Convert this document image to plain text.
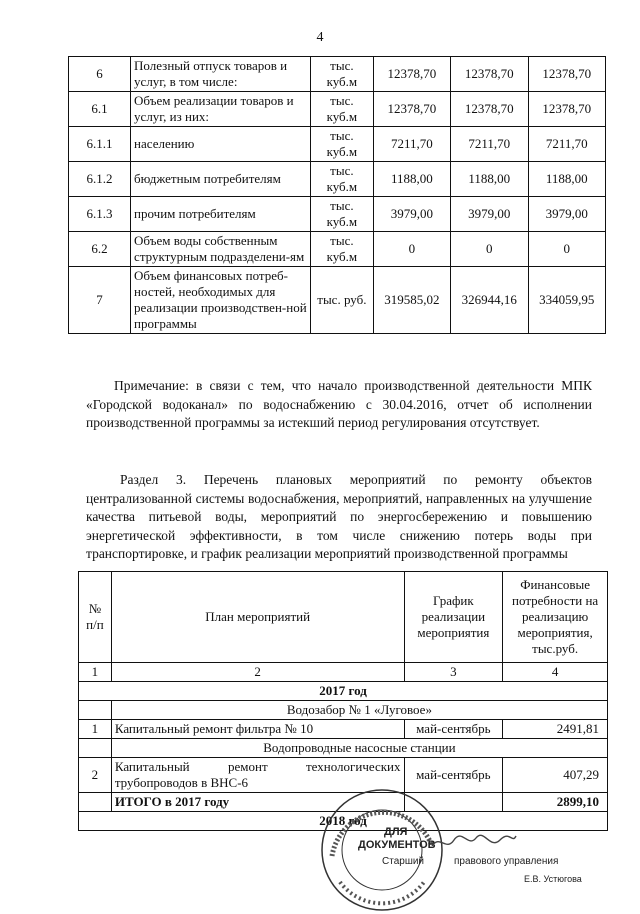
4
6	Полезный отпуск товаров и услуг, в том числе:	тыс. куб.м	12378,70	12378,70	12378,70
6.1	Объем реализации товаров и услуг, из них:	тыс. куб.м	12378,70	12378,70	12378,70
6.1.1	населению	тыс. куб.м	7211,70	7211,70	7211,70
6.1.2	бюджетным потребителям	тыс. куб.м	1188,00	1188,00	1188,00
6.1.3	прочим потребителям	тыс. куб.м	3979,00	3979,00	3979,00
6.2	Объем воды собственным структурным подразделени-ям	тыс. куб.м	0	0	0
7	Объем финансовых потреб-ностей, необходимых для реализации производствен-ной программы	тыс. руб.	319585,02	326944,16	334059,95
Примечание: в связи с тем, что начало производственной деятельности МПК «Городской водоканал» по водоснабжению с 30.04.2016, отчет об исполнении производственной программы за истекший период регулирования отсутствует.
Раздел 3. Перечень плановых мероприятий по ремонту объектов централизованной системы водоснабжения, мероприятий, направленных на улучшение качества питьевой воды, мероприятий по энергосбережению и повышению энергетической эффективности, в том числе снижению потерь воды при транспортировке, и график реализации мероприятий производственной программы
№ п/п	План мероприятий	График реализации мероприятия	Финансовые потребности на реализацию мероприятия, тыс.руб.
1	2	3	4
2017 год			
	Водозабор № 1 «Луговое»		
1	Капитальный ремонт фильтра № 10	май-сентябрь	2491,81
	Водопроводные насосные станции		
2	Капитальный ремонт технологических трубопроводов в ВНС-6	май-сентябрь	407,29
	ИТОГО в 2017 году		2899,10
2018 год			
ДЛЯ
ДОКУМЕНТОВ
Старший	правового управления
Е.В. Устюгова
